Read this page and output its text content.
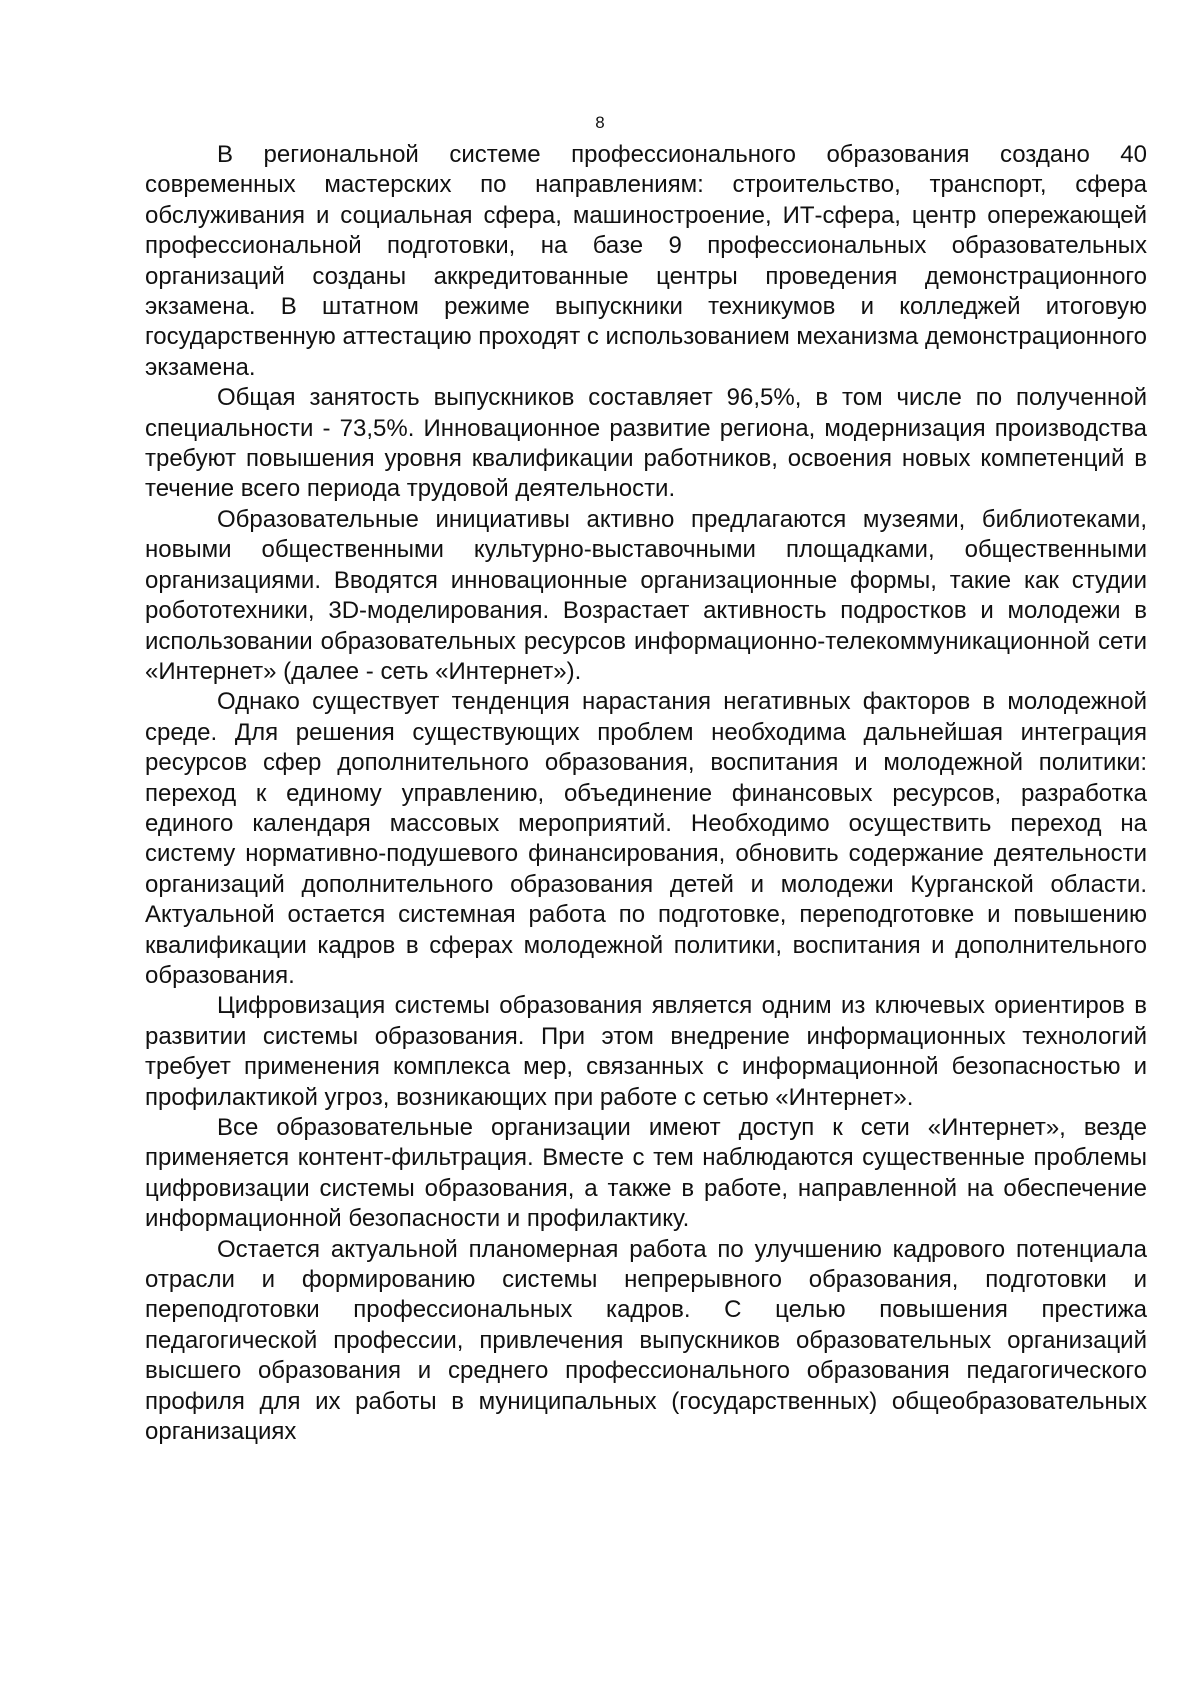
8

В региональной системе профессионального образования создано 40 современных мастерских по направлениям: строительство, транспорт, сфера обслуживания и социальная сфера, машиностроение, ИТ-сфера, центр опережающей профессиональной подготовки, на базе 9 профессиональных образовательных организаций созданы аккредитованные центры проведения демонстрационного экзамена. В штатном режиме выпускники техникумов и колледжей итоговую государственную аттестацию проходят с использованием механизма демонстрационного экзамена.

Общая занятость выпускников составляет 96,5%, в том числе по полученной специальности - 73,5%. Инновационное развитие региона, модернизация производства требуют повышения уровня квалификации работников, освоения новых компетенций в течение всего периода трудовой деятельности.

Образовательные инициативы активно предлагаются музеями, библиотеками, новыми общественными культурно-выставочными площадками, общественными организациями. Вводятся инновационные организационные формы, такие как студии робототехники, 3D-моделирования. Возрастает активность подростков и молодежи в использовании образовательных ресурсов информационно-телекоммуникационной сети «Интернет» (далее - сеть «Интернет»).

Однако существует тенденция нарастания негативных факторов в молодежной среде. Для решения существующих проблем необходима дальнейшая интеграция ресурсов сфер дополнительного образования, воспитания и молодежной политики: переход к единому управлению, объединение финансовых ресурсов, разработка единого календаря массовых мероприятий. Необходимо осуществить переход на систему нормативно-подушевого финансирования, обновить содержание деятельности организаций дополнительного образования детей и молодежи Курганской области. Актуальной остается системная работа по подготовке, переподготовке и повышению квалификации кадров в сферах молодежной политики, воспитания и дополнительного образования.

Цифровизация системы образования является одним из ключевых ориентиров в развитии системы образования. При этом внедрение информационных технологий требует применения комплекса мер, связанных с информационной безопасностью и профилактикой угроз, возникающих при работе с сетью «Интернет».

Все образовательные организации имеют доступ к сети «Интернет», везде применяется контент-фильтрация. Вместе с тем наблюдаются существенные проблемы цифровизации системы образования, а также в работе, направленной на обеспечение информационной безопасности и профилактику.

Остается актуальной планомерная работа по улучшению кадрового потенциала отрасли и формированию системы непрерывного образования, подготовки и переподготовки профессиональных кадров. С целью повышения престижа педагогической профессии, привлечения выпускников образовательных организаций высшего образования и среднего профессионального образования педагогического профиля для их работы в муниципальных (государственных) общеобразовательных организациях
